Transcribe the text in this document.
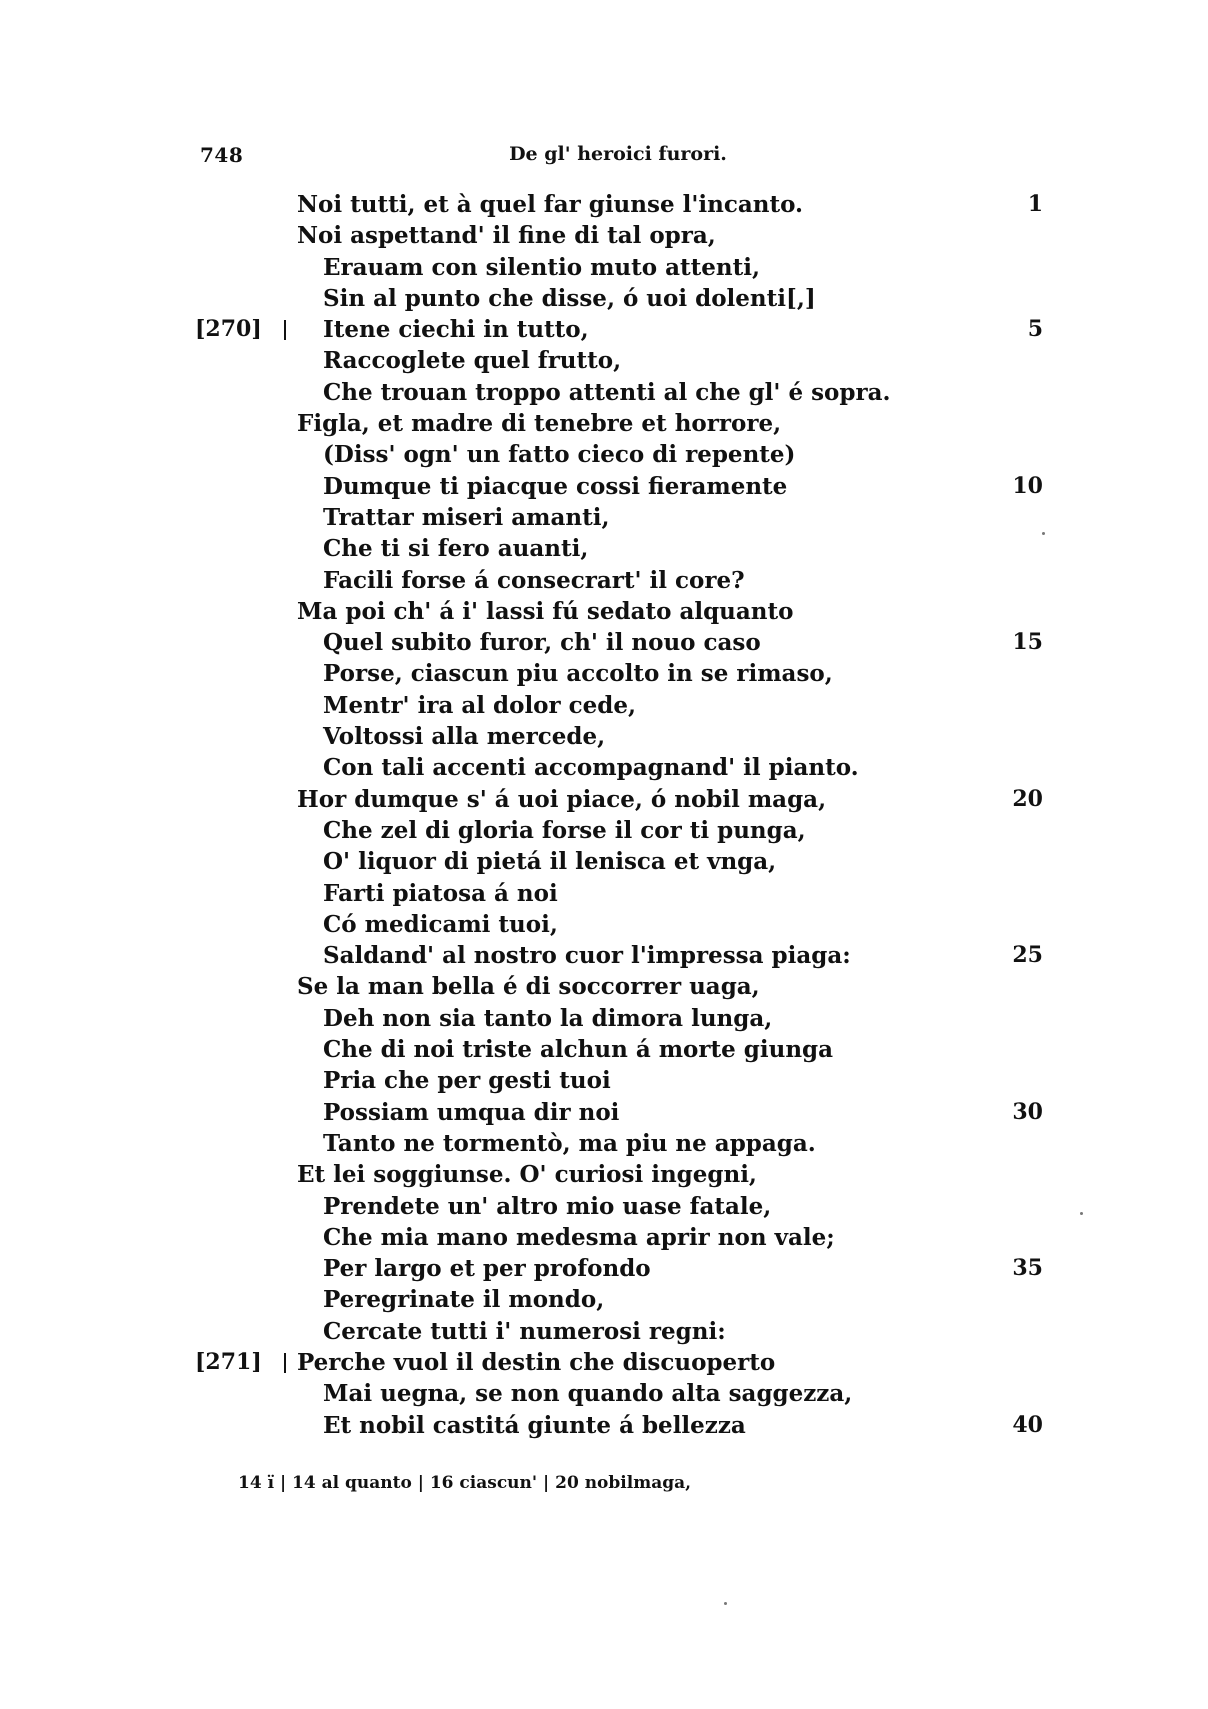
748	De gl' heroici furori.
Noi tutti, et à quel far giunse l'incanto.	1
Noi aspettand' il fine di tal opra,
Erauam con silentio muto attenti,
Sin al punto che disse, ó uoi dolenti[,]
[270]	Itene ciechi in tutto,	5
Raccoglete quel frutto,
Che trouan troppo attenti al che gl' é sopra.
Figla, et madre di tenebre et horrore,
(Diss' ogn' un fatto cieco di repente)
Dumque ti piacque cossi fieramente	10
Trattar miseri amanti,
Che ti si fero auanti,
Facili forse á consecrart' il core?
Ma poi ch' á i' lassi fú sedato alquanto
Quel subito furor, ch' il nouo caso	15
Porse, ciascun piu accolto in se rimaso,
Mentr' ira al dolor cede,
Voltossi alla mercede,
Con tali accenti accompagnand' il pianto.
Hor dumque s' á uoi piace, ó nobil maga,	20
Che zel di gloria forse il cor ti punga,
O' liquor di pietá il lenisca et vnga,
Farti piatosa á noi
Có medicami tuoi,
Saldand' al nostro cuor l'impressa piaga:	25
Se la man bella é di soccorrer uaga,
Deh non sia tanto la dimora lunga,
Che di noi triste alchun á morte giunga
Pria che per gesti tuoi
Possiam umqua dir noi	30
Tanto ne tormentò, ma piu ne appaga.
Et lei soggiunse. O' curiosi ingegni,
Prendete un' altro mio uase fatale,
Che mia mano medesma aprir non vale;
Per largo et per profondo	35
Peregrinate il mondo,
Cercate tutti i' numerosi regni:
[271] Perche vuol il destin che discuoperto
Mai uegna, se non quando alta saggezza,
Et nobil castitá giunte á bellezza	40
14 ï | 14 al quanto | 16 ciascun' | 20 nobilmaga,
